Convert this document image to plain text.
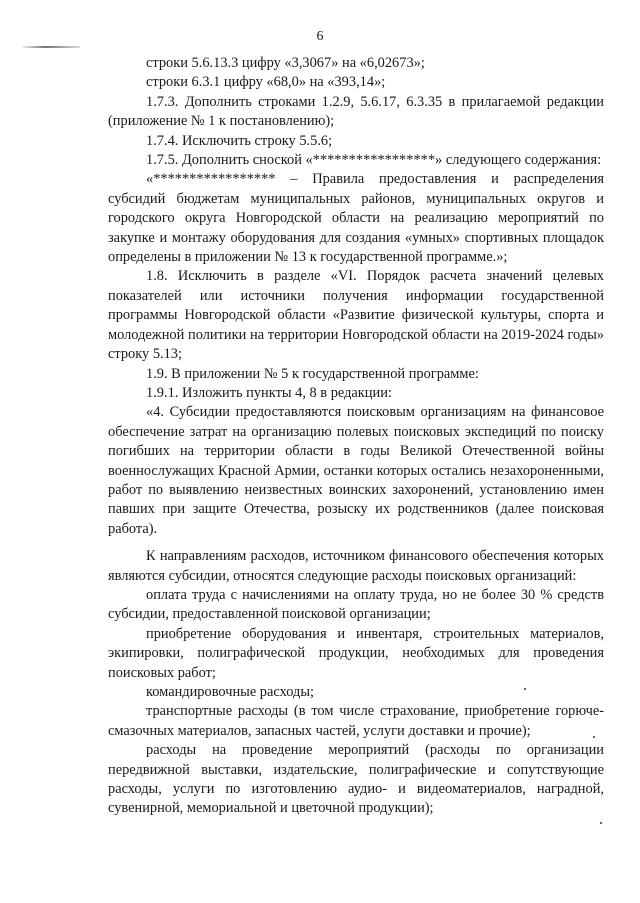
6

строки 5.6.13.3 цифру «3,3067» на «6,02673»;

строки 6.3.1 цифру «68,0» на «393,14»;

1.7.3. Дополнить строками 1.2.9, 5.6.17, 6.3.35 в прилагаемой редакции (приложение № 1 к постановлению);

1.7.4. Исключить строку 5.5.6;

1.7.5. Дополнить сноской «*****************» следующего содержания:

«***************** – Правила предоставления и распределения субсидий бюджетам муниципальных районов, муниципальных округов и городского округа Новгородской области на реализацию мероприятий по закупке и монтажу оборудования для создания «умных» спортивных площадок определены в приложении № 13 к государственной программе.»;

1.8. Исключить в разделе «VI. Порядок расчета значений целевых показателей или источники получения информации государственной программы Новгородской области «Развитие физической культуры, спорта и молодежной политики на территории Новгородской области на 2019-2024 годы» строку 5.13;

1.9. В приложении № 5 к государственной программе:

1.9.1. Изложить пункты 4, 8 в редакции:

«4. Субсидии предоставляются поисковым организациям на финансовое обеспечение затрат на организацию полевых поисковых экспедиций по поиску погибших на территории области в годы Великой Отечественной войны военнослужащих Красной Армии, останки которых остались незахороненными, работ по выявлению неизвестных воинских захоронений, установлению имен павших при защите Отечества, розыску их родственников (далее поисковая работа).

К направлениям расходов, источником финансового обеспечения которых являются субсидии, относятся следующие расходы поисковых организаций:

оплата труда с начислениями на оплату труда, но не более 30 % средств субсидии, предоставленной поисковой организации;

приобретение оборудования и инвентаря, строительных материалов, экипировки, полиграфической продукции, необходимых для проведения поисковых работ;

командировочные расходы;

транспортные расходы (в том числе страхование, приобретение горюче-смазочных материалов, запасных частей, услуги доставки и прочие);

расходы на проведение мероприятий (расходы по организации передвижной выставки, издательские, полиграфические и сопутствующие расходы, услуги по изготовлению аудио- и видеоматериалов, наградной, сувенирной, мемориальной и цветочной продукции);
